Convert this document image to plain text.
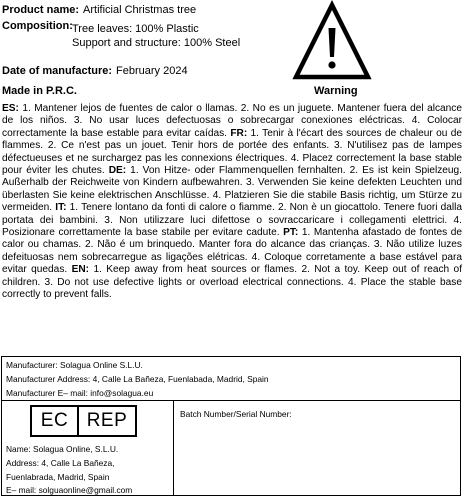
Product name: Artificial Christmas tree
Composition: Tree leaves: 100% Plastic
Support and structure: 100% Steel
Date of manufacture: February 2024
Made in P.R.C.	Warning
ES: 1. Mantener lejos de fuentes de calor o llamas. 2. No es un juguete. Mantener fuera del alcance de los niños. 3. No usar luces defectuosas o sobrecargar conexiones eléctricas. 4. Colocar correctamente la base estable para evitar caídas. FR: 1. Tenir à l'écart des sources de chaleur ou de flammes. 2. Ce n'est pas un jouet. Tenir hors de portée des enfants. 3. N'utilisez pas de lampes défectueuses et ne surchargez pas les connexions électriques. 4. Placez correctement la base stable pour éviter les chutes. DE: 1. Von Hitze- oder Flammenquellen fernhalten. 2. Es ist kein Spielzeug. Außerhalb der Reichweite von Kindern aufbewahren. 3. Verwenden Sie keine defekten Leuchten und überlasten Sie keine elektrischen Anschlüsse. 4. Platzieren Sie die stabile Basis richtig, um Stürze zu vermeiden. IT: 1. Tenere lontano da fonti di calore o fiamme. 2. Non è un giocattolo. Tenere fuori dalla portata dei bambini. 3. Non utilizzare luci difettose o sovraccaricare i collegamenti elettrici. 4. Posizionare correttamente la base stabile per evitare cadute. PT: 1. Mantenha afastado de fontes de calor ou chamas. 2. Não é um brinquedo. Manter fora do alcance das crianças. 3. Não utilize luzes defeituosas nem sobrecarregue as ligações elétricas. 4. Coloque corretamente a base estável para evitar quedas. EN: 1. Keep away from heat sources or flames. 2. Not a toy. Keep out of reach of children. 3. Do not use defective lights or overload electrical connections. 4. Place the stable base correctly to prevent falls.
Manufacturer: Solagua Online S.L.U.
Manufacturer Address: 4, Calle La Bañeza, Fuenlabada, Madrid, Spain
Manufacturer E– mail: info@solagua.eu
EC REP
Name: Solagua Online, S.L.U.
Address: 4, Calle La Bañeza,
Fuenlabrada, Madrid, Spain
E– mail: solguaonline@gmail.com
Batch Number/Serial Number:
